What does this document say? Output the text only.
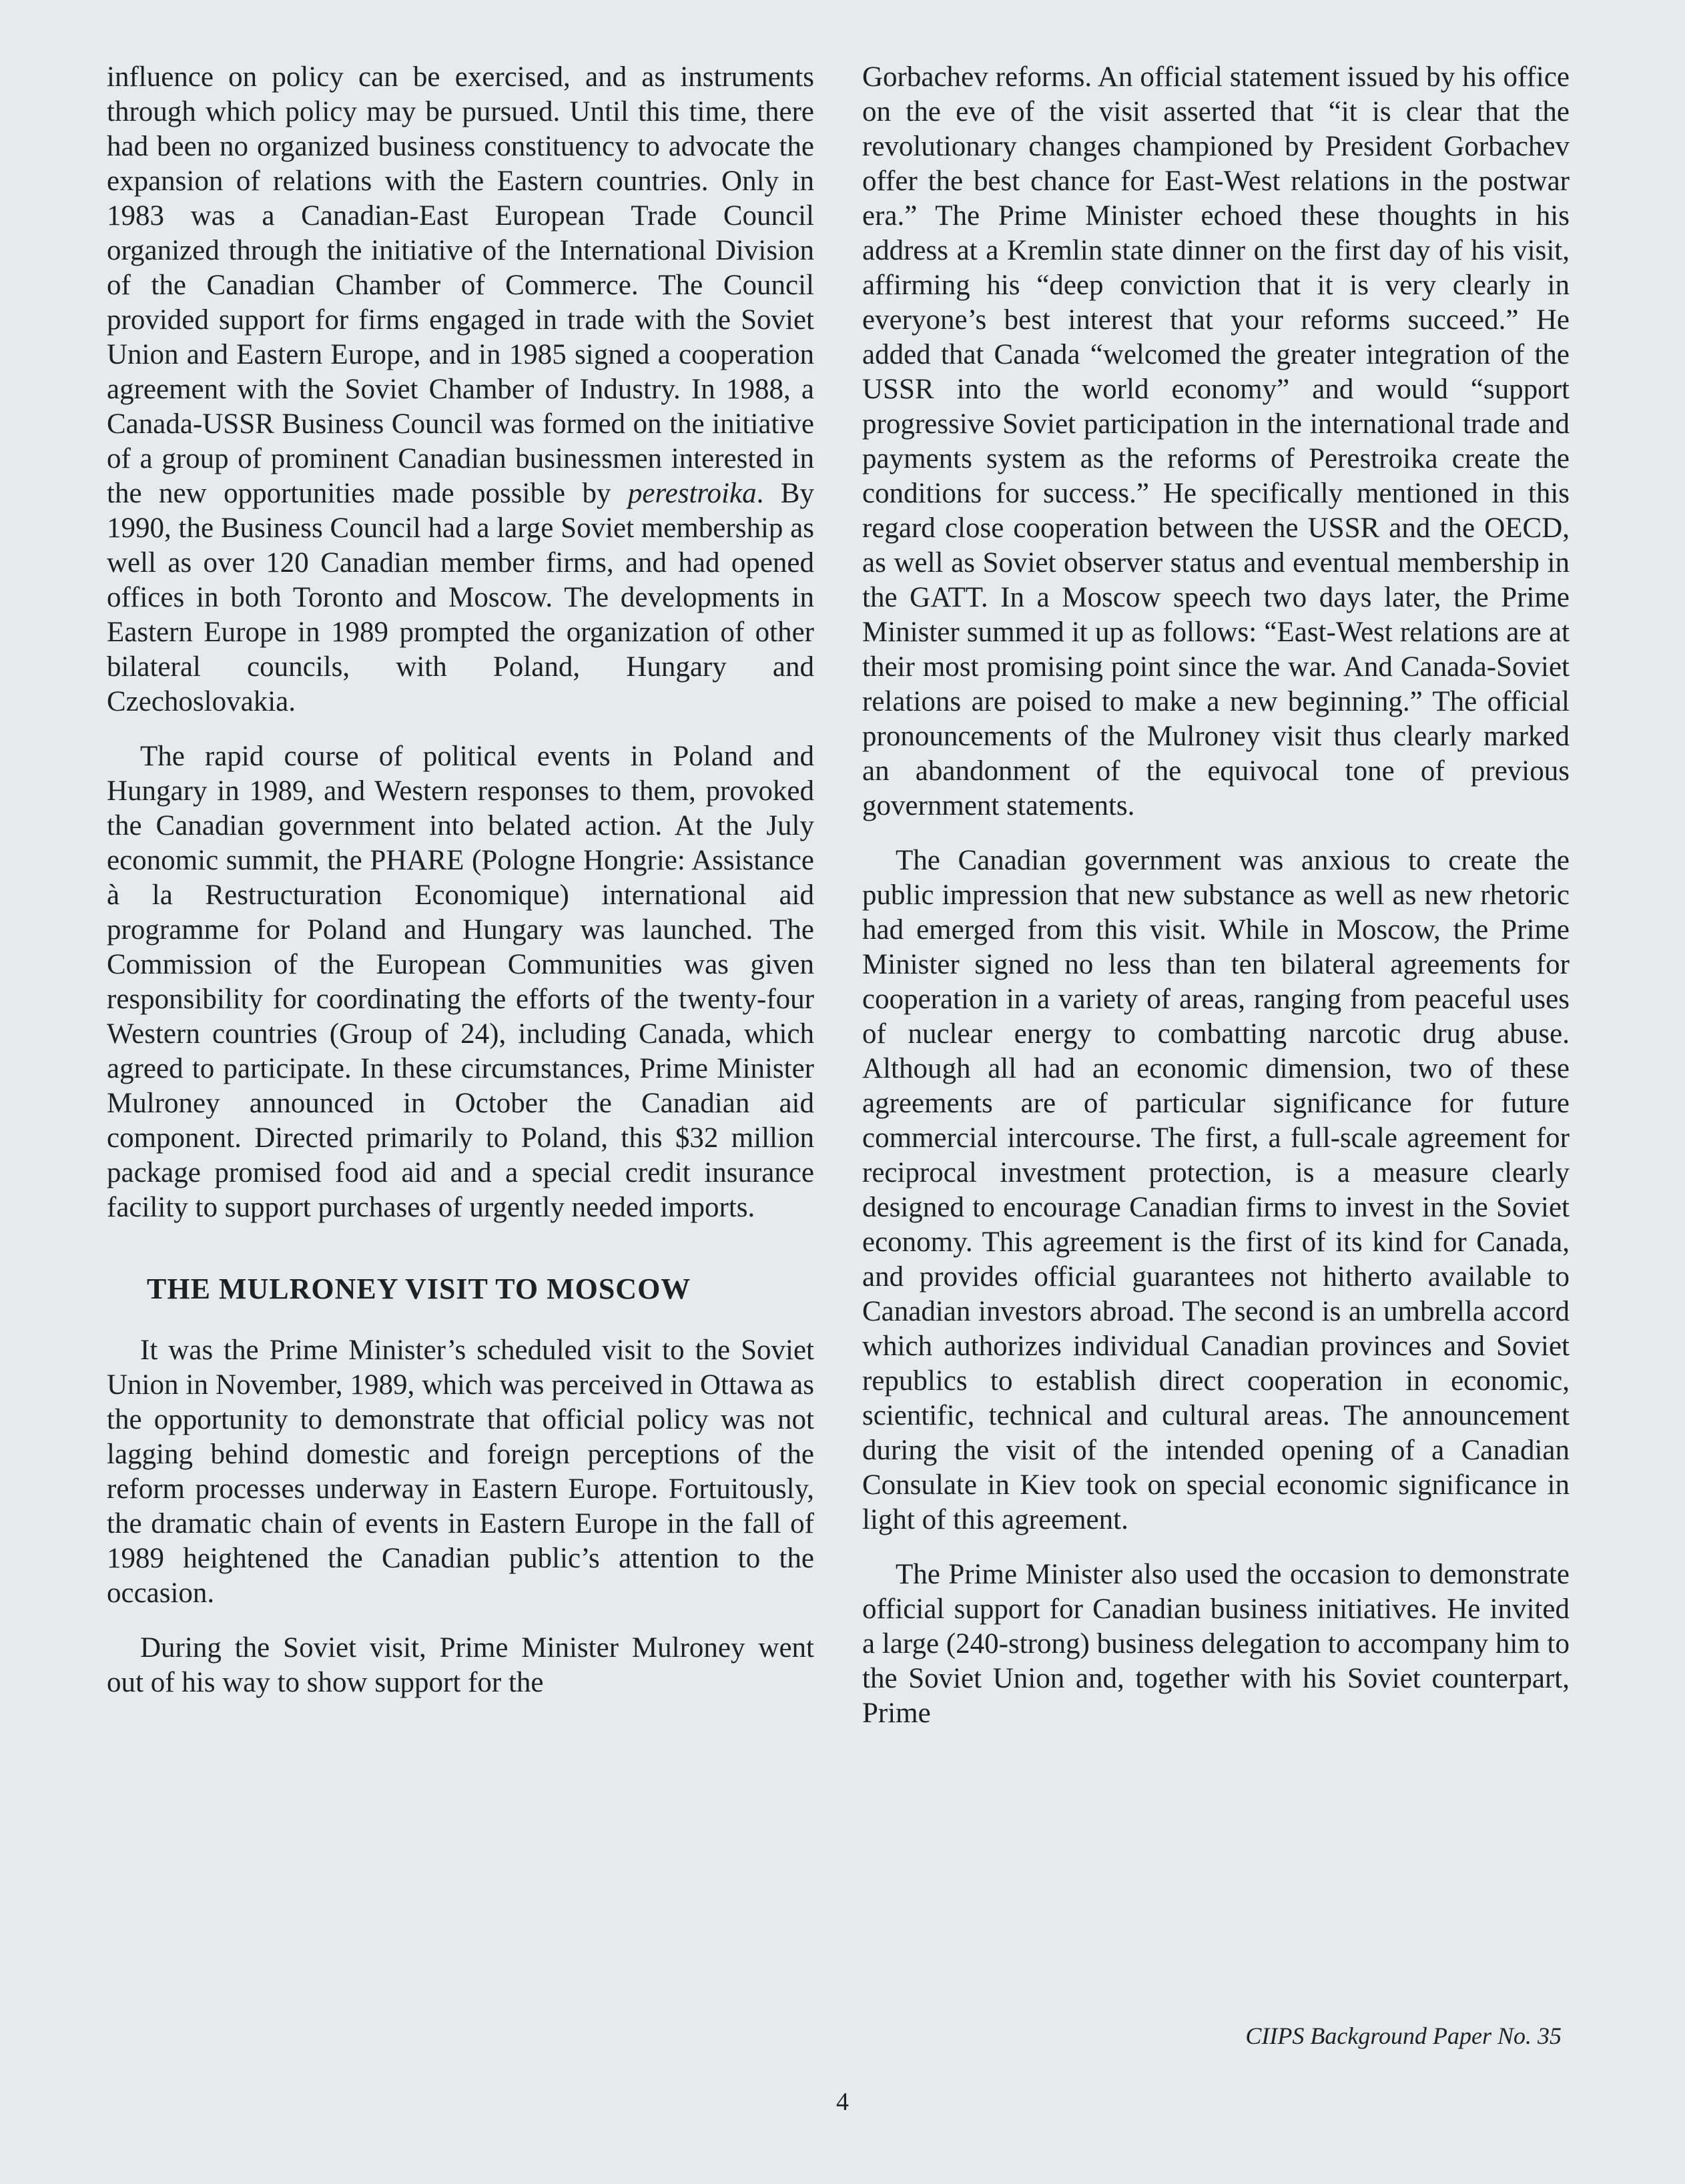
influence on policy can be exercised, and as instruments through which policy may be pursued. Until this time, there had been no organized business constituency to advocate the expansion of relations with the Eastern countries. Only in 1983 was a Canadian-East European Trade Council organized through the initiative of the International Division of the Canadian Chamber of Commerce. The Council provided support for firms engaged in trade with the Soviet Union and Eastern Europe, and in 1985 signed a cooperation agreement with the Soviet Chamber of Industry. In 1988, a Canada-USSR Business Council was formed on the initiative of a group of prominent Canadian businessmen interested in the new opportunities made possible by perestroika. By 1990, the Business Council had a large Soviet membership as well as over 120 Canadian member firms, and had opened offices in both Toronto and Moscow. The developments in Eastern Europe in 1989 prompted the organization of other bilateral councils, with Poland, Hungary and Czechoslovakia.

The rapid course of political events in Poland and Hungary in 1989, and Western responses to them, provoked the Canadian government into belated action. At the July economic summit, the PHARE (Pologne Hongrie: Assistance à la Restructuration Economique) international aid programme for Poland and Hungary was launched. The Commission of the European Communities was given responsibility for coordinating the efforts of the twenty-four Western countries (Group of 24), including Canada, which agreed to participate. In these circumstances, Prime Minister Mulroney announced in October the Canadian aid component. Directed primarily to Poland, this $32 million package promised food aid and a special credit insurance facility to support purchases of urgently needed imports.

THE MULRONEY VISIT TO MOSCOW

It was the Prime Minister’s scheduled visit to the Soviet Union in November, 1989, which was perceived in Ottawa as the opportunity to demonstrate that official policy was not lagging behind domestic and foreign perceptions of the reform processes underway in Eastern Europe. Fortuitously, the dramatic chain of events in Eastern Europe in the fall of 1989 heightened the Canadian public’s attention to the occasion.

During the Soviet visit, Prime Minister Mulroney went out of his way to show support for the

Gorbachev reforms. An official statement issued by his office on the eve of the visit asserted that “it is clear that the revolutionary changes championed by President Gorbachev offer the best chance for East-West relations in the postwar era.” The Prime Minister echoed these thoughts in his address at a Kremlin state dinner on the first day of his visit, affirming his “deep conviction that it is very clearly in everyone’s best interest that your reforms succeed.” He added that Canada “welcomed the greater integration of the USSR into the world economy” and would “support progressive Soviet participation in the international trade and payments system as the reforms of Perestroika create the conditions for success.” He specifically mentioned in this regard close cooperation between the USSR and the OECD, as well as Soviet observer status and eventual membership in the GATT. In a Moscow speech two days later, the Prime Minister summed it up as follows: “East-West relations are at their most promising point since the war. And Canada-Soviet relations are poised to make a new beginning.” The official pronouncements of the Mulroney visit thus clearly marked an abandonment of the equivocal tone of previous government statements.

The Canadian government was anxious to create the public impression that new substance as well as new rhetoric had emerged from this visit. While in Moscow, the Prime Minister signed no less than ten bilateral agreements for cooperation in a variety of areas, ranging from peaceful uses of nuclear energy to combatting narcotic drug abuse. Although all had an economic dimension, two of these agreements are of particular significance for future commercial intercourse. The first, a full-scale agreement for reciprocal investment protection, is a measure clearly designed to encourage Canadian firms to invest in the Soviet economy. This agreement is the first of its kind for Canada, and provides official guarantees not hitherto available to Canadian investors abroad. The second is an umbrella accord which authorizes individual Canadian provinces and Soviet republics to establish direct cooperation in economic, scientific, technical and cultural areas. The announcement during the visit of the intended opening of a Canadian Consulate in Kiev took on special economic significance in light of this agreement.

The Prime Minister also used the occasion to demonstrate official support for Canadian business initiatives. He invited a large (240-strong) business delegation to accompany him to the Soviet Union and, together with his Soviet counterpart, Prime

CIIPS Background Paper No. 35
4
